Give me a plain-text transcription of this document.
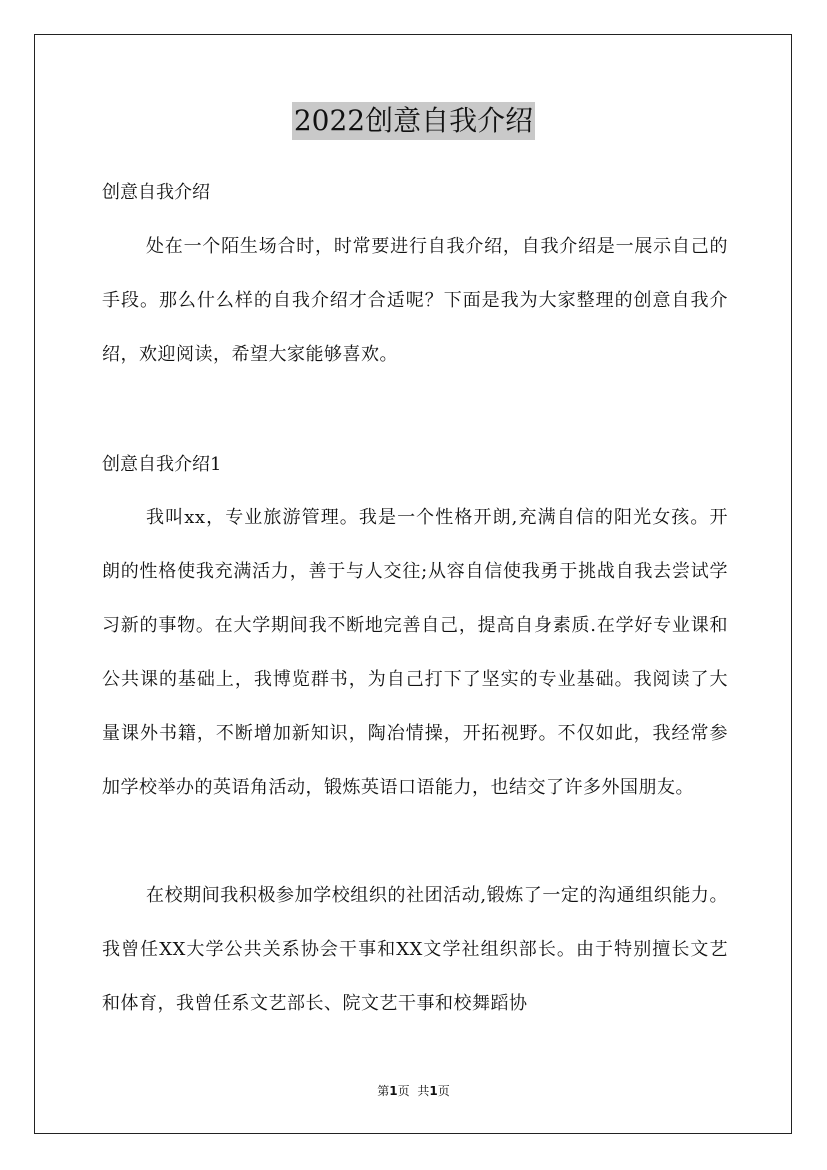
2022创意自我介绍
创意自我介绍

处在一个陌生场合时，时常要进行自我介绍，自我介绍是一展示自己的手段。那么什么样的自我介绍才合适呢？下面是我为大家整理的创意自我介绍，欢迎阅读，希望大家能够喜欢。

创意自我介绍1

我叫xx，专业旅游管理。我是一个性格开朗,充满自信的阳光女孩。开朗的性格使我充满活力，善于与人交往;从容自信使我勇于挑战自我去尝试学习新的事物。在大学期间我不断地完善自己，提高自身素质.在学好专业课和公共课的基础上，我博览群书，为自己打下了坚实的专业基础。我阅读了大量课外书籍，不断增加新知识，陶冶情操，开拓视野。不仅如此，我经常参加学校举办的英语角活动，锻炼英语口语能力，也结交了许多外国朋友。

在校期间我积极参加学校组织的社团活动,锻炼了一定的沟通组织能力。我曾任XX大学公共关系协会干事和XX文学社组织部长。由于特别擅长文艺和体育，我曾任系文艺部长、院文艺干事和校舞蹈协

第1页 共1页
